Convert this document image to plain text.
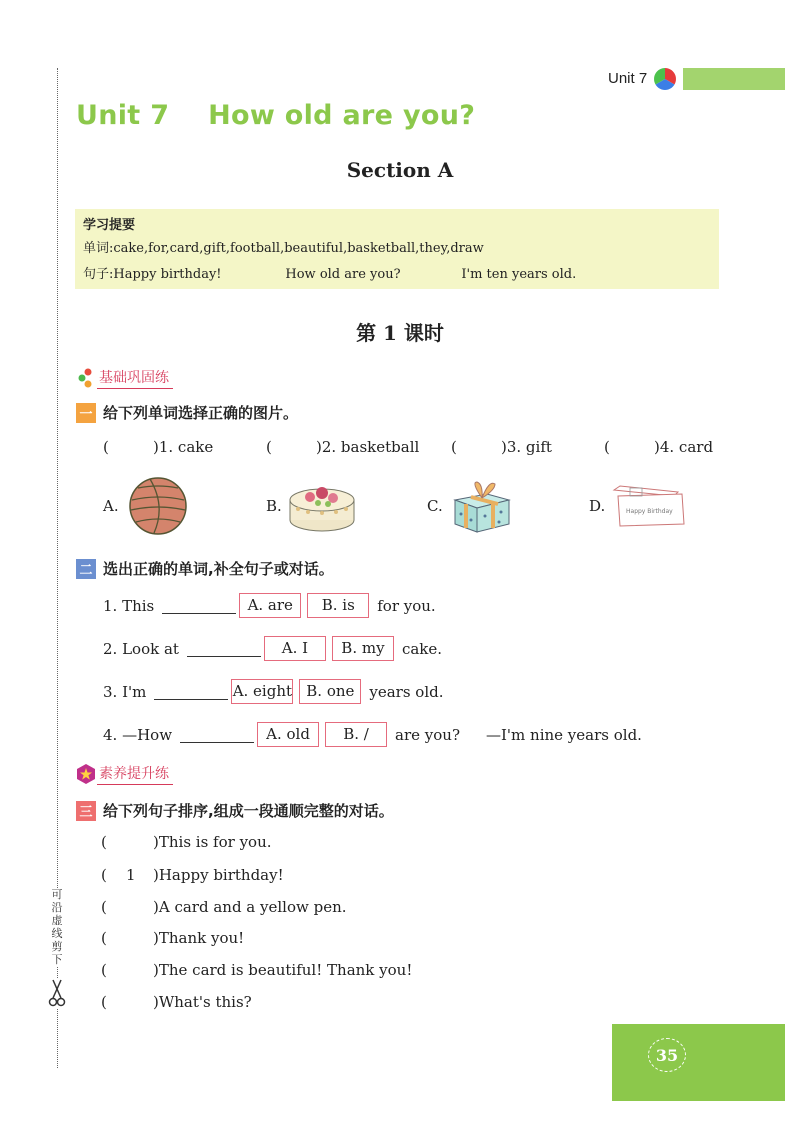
可沿虚线剪下
Unit 7
Unit 7    How old are you?
Section A
学习提要
单词:cake,for,card,gift,football,beautiful,basketball,they,draw
句子:Happy birthday!	How old are you?	I'm ten years old.
第 1 课时
基础巩固练
一 给下列单词选择正确的图片。
(	)1. cake	(	)2. basketball (	)3. gift	(	)4. card
A.	B.	C.	D.	Happy Birthday
二 选出正确的单词,补全句子或对话。
1. This	A. are	B. is	for you.
2. Look at	A. I	B. my	cake.
3. I'm	A. eight B. one years old.
4. —How	A. old	B. /	are you? —I'm nine years old.
素养提升练
三 给下列句子排序,组成一段通顺完整的对话。
(	)This is for you.
( 1 )Happy birthday!
(	)A card and a yellow pen.
(	)Thank you!
(	)The card is beautiful! Thank you!
(	)What's this?
35
